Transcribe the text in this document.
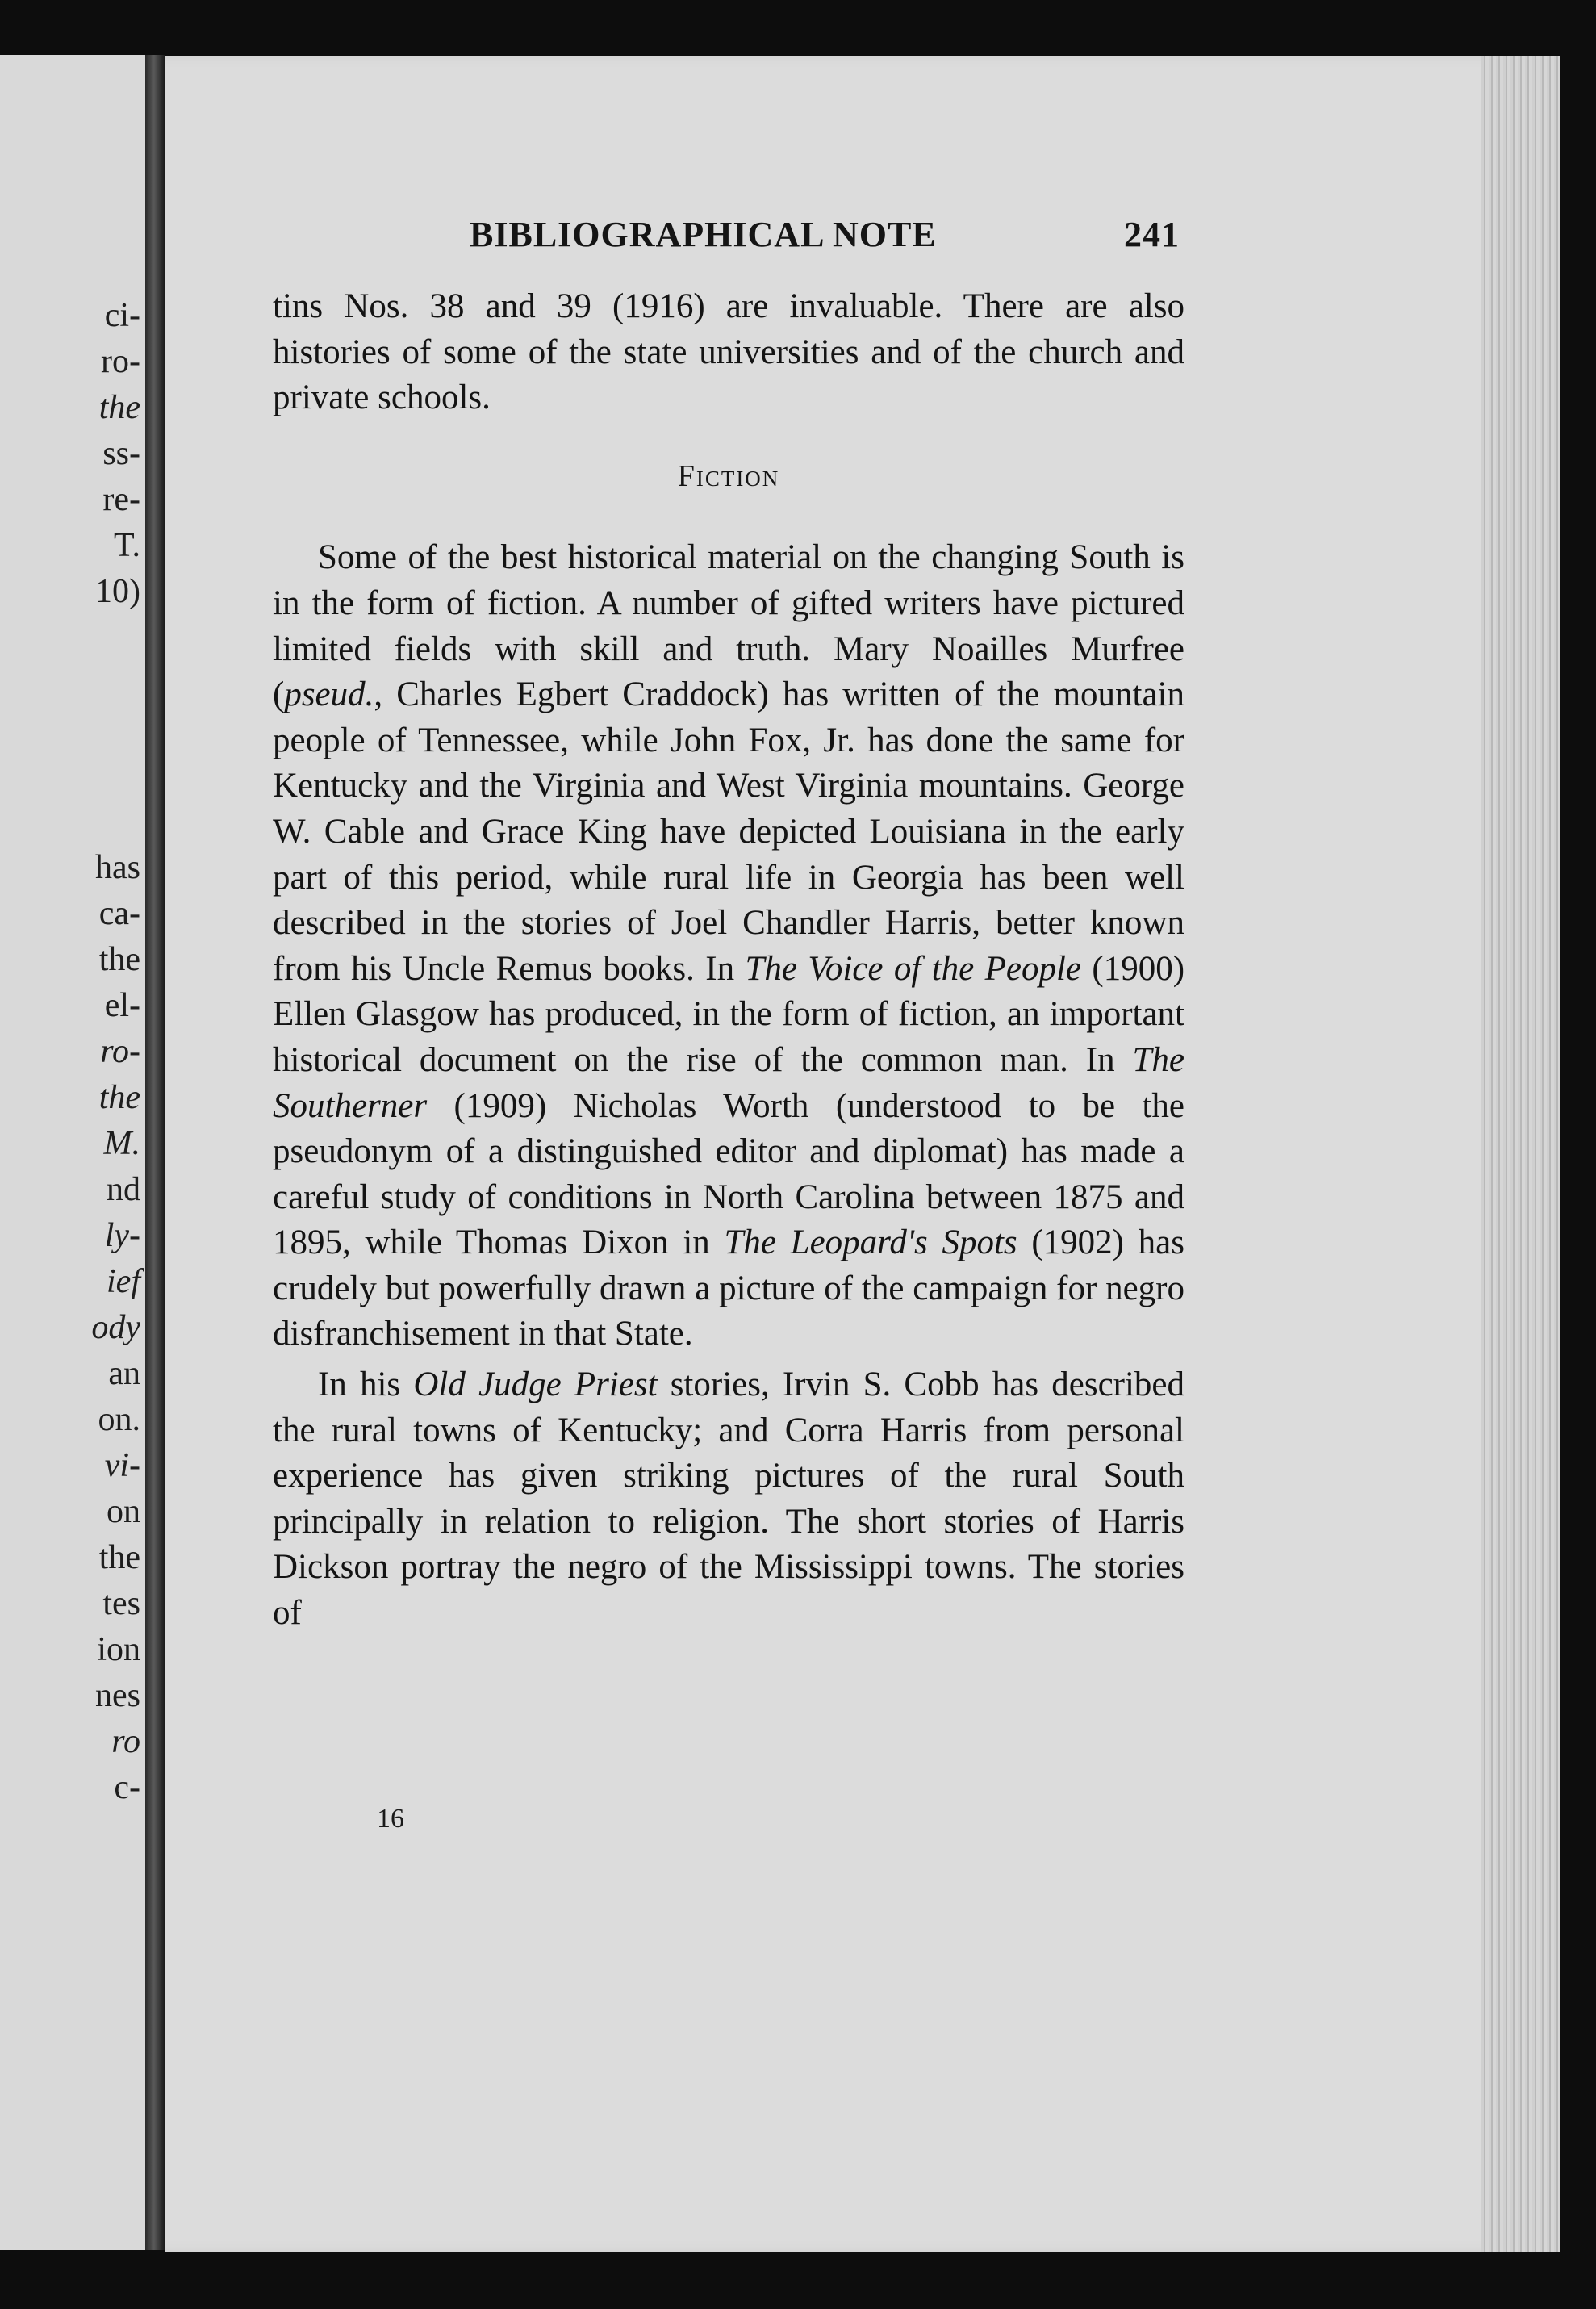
ci-
ro-
the
ss-
re-
T.
10)
has
ca-
the
el-
ro-
the
M.
nd
ly-
ief
ody
an
on.
vi-
on
the
tes
ion
nes
ro
c-
BIBLIOGRAPHICAL NOTE	241

tins Nos. 38 and 39 (1916) are invaluable. There are also histories of some of the state universities and of the church and private schools.

Fiction

Some of the best historical material on the changing South is in the form of fiction. A number of gifted writers have pictured limited fields with skill and truth. Mary Noailles Murfree (pseud., Charles Egbert Craddock) has written of the mountain people of Tennessee, while John Fox, Jr. has done the same for Kentucky and the Virginia and West Virginia mountains. George W. Cable and Grace King have depicted Louisiana in the early part of this period, while rural life in Georgia has been well described in the stories of Joel Chandler Harris, better known from his Uncle Remus books. In The Voice of the People (1900) Ellen Glasgow has produced, in the form of fiction, an important historical document on the rise of the common man. In The Southerner (1909) Nicholas Worth (understood to be the pseudonym of a distinguished editor and diplomat) has made a careful study of conditions in North Carolina between 1875 and 1895, while Thomas Dixon in The Leopard's Spots (1902) has crudely but powerfully drawn a picture of the campaign for negro disfranchisement in that State.

In his Old Judge Priest stories, Irvin S. Cobb has described the rural towns of Kentucky; and Corra Harris from personal experience has given striking pictures of the rural South principally in relation to religion. The short stories of Harris Dickson portray the negro of the Mississippi towns. The stories of

16
